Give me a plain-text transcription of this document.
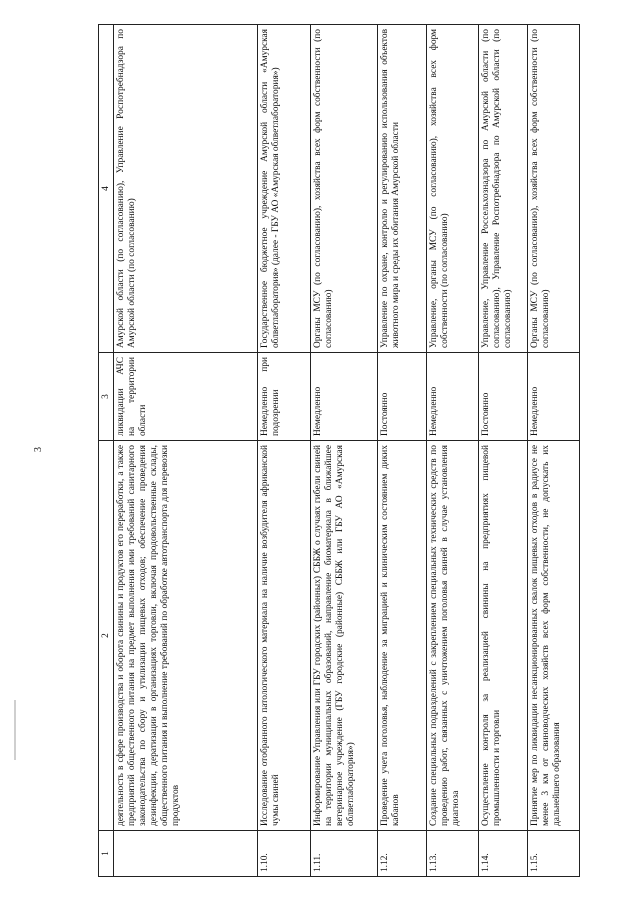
3
1	2	3	4
	деятельность в сфере производства и оборота свинины и продуктов его переработки, а также предприятий общественного питания на предмет выполнения ими требований санитарного законодательства по сбору и утилизации пищевых отходов; обеспечение проведения дезинфекции, дератизации в организациях торговли, включая продовольственные склады, общественного питания и выполнение требований по обработке автотранспорта для перевозки продуктов	ликвидации АЧС на территории области	Амурской области (по согласованию), Управление Роспотребнадзора по Амурской области (по согласованию)
1.10.	Исследование отобранного патологического материала на наличие возбудителя африканской чумы свиней	Немедленно при подозрении	Государственное бюджетное учреждение Амурской области «Амурская облветлаборатория» (далее - ГБУ АО «Амурская облветлаборатория»)
1.11.	Информирование Управления или ГБУ городских (районных) СББЖ о случаях гибели свиней на территории муниципальных образований, направление биоматериала в ближайшее ветеринарное учреждение (ГБУ городские (районные) СББЖ или ГБУ АО «Амурская облветлаборатория»)	Немедленно	Органы МСУ (по согласованию), хозяйства всех форм собственности (по согласованию)
1.12.	Проведение учета поголовья, наблюдение за миграцией и клиническим состоянием диких кабанов	Постоянно	Управление по охране, контролю и регулированию использования объектов животного мира и среды их обитания Амурской области
1.13.	Создание специальных подразделений с закреплением специальных технических средств по проведению работ, связанных с уничтожением поголовья свиней в случае установления диагноза	Немедленно	Управление, органы МСУ (по согласованию), хозяйства всех форм собственности (по согласованию)
1.14.	Осуществление контроля за реализацией свинины на предприятиях пищевой промышленности и торговли	Постоянно	Управление, Управление Россельхознадзора по Амурской области (по согласованию), Управление Роспотребнадзора по Амурской области (по согласованию)
1.15.	Принятие мер по ликвидации несанкционированных свалок пищевых отходов в радиусе не менее 3 км от свиноводческих хозяйств всех форм собственности, не допускать их дальнейшего образования	Немедленно	Органы МСУ (по согласованию), хозяйства всех форм собственности (по согласованию)
